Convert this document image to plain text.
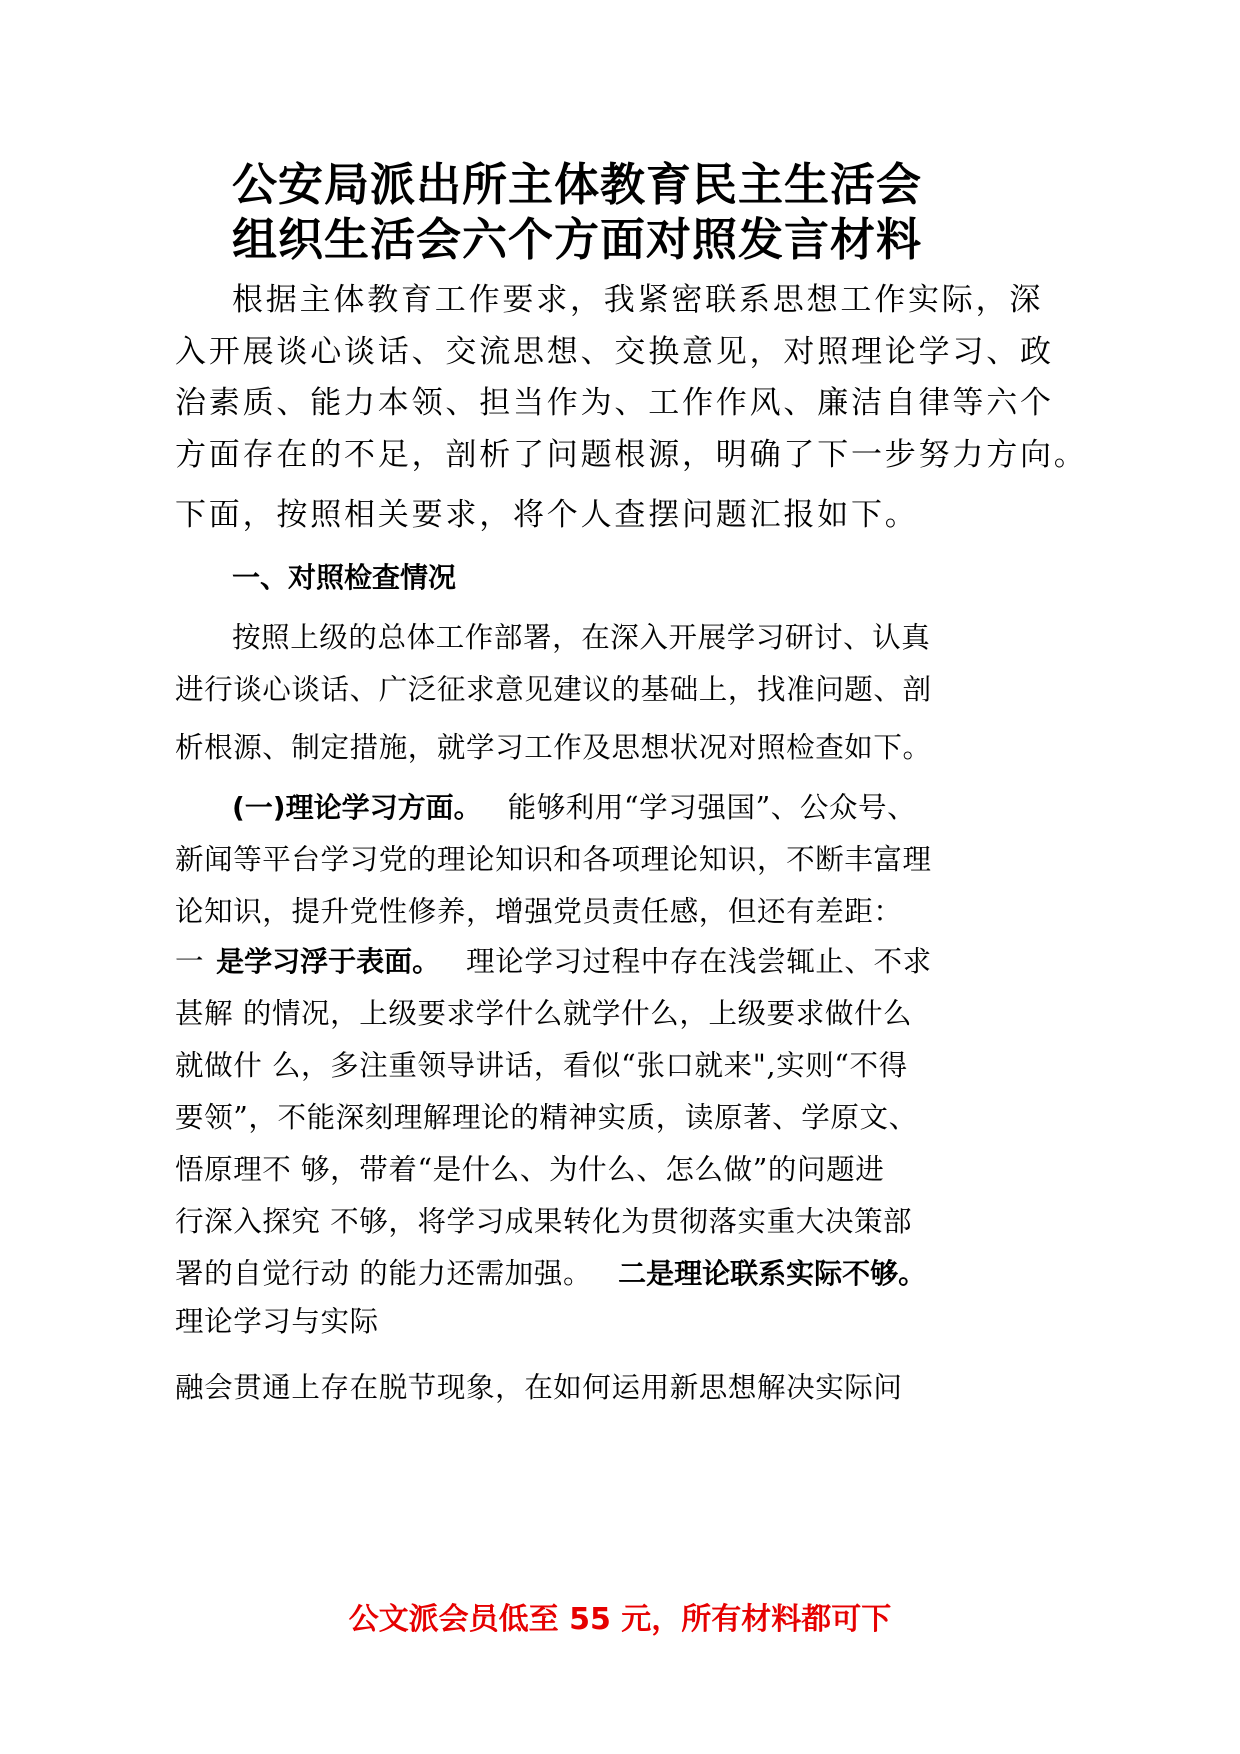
公安局派出所主体教育民主生活会
组织生活会六个方面对照发言材料
根据主体教育工作要求，我紧密联系思想工作实际，深
入开展谈心谈话、交流思想、交换意见，对照理论学习、政
治素质、能力本领、担当作为、工作作风、廉洁自律等六个
方面存在的不足，剖析了问题根源，明确了下一步努力方向。
下面，按照相关要求，将个人查摆问题汇报如下。
一、对照检查情况
按照上级的总体工作部署，在深入开展学习研讨、认真
进行谈心谈话、广泛征求意见建议的基础上，找准问题、剖
析根源、制定措施，就学习工作及思想状况对照检查如下。
(一)理论学习方面。 能够利用“学习强国”、公众号、
新闻等平台学习党的理论知识和各项理论知识，不断丰富理
论知识，提升党性修养，增强党员责任感，但还有差距：
一 是学习浮于表面。 理论学习过程中存在浅尝辄止、不求
甚解 的情况，上级要求学什么就学什么，上级要求做什么
就做什 么，多注重领导讲话，看似“张口就来",实则“不得
要领”，不能深刻理解理论的精神实质，读原著、学原文、
悟原理不 够，带着“是什么、为什么、怎么做”的问题进
行深入探究 不够，将学习成果转化为贯彻落实重大决策部
署的自觉行动 的能力还需加强。 二是理论联系实际不够。
理论学习与实际
融会贯通上存在脱节现象，在如何运用新思想解决实际问
公文派会员低至 55 元，所有材料都可下
